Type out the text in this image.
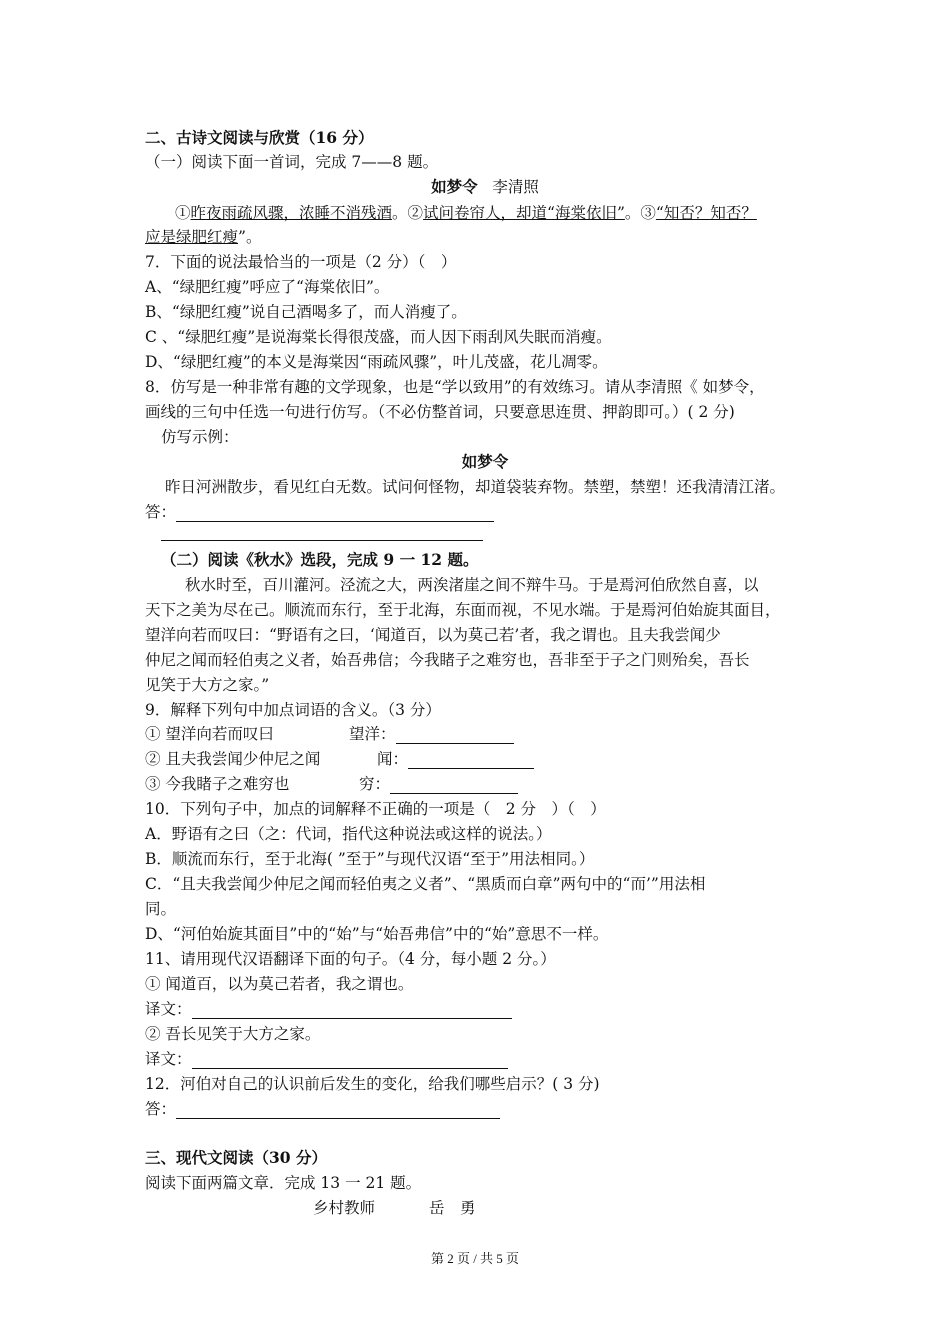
二、古诗文阅读与欣赏（16 分）
（一）阅读下面一首词，完成 7——8 题。
如梦令 李清照
①昨夜雨疏风骤，浓睡不消残酒。②试问卷帘人，却道“海棠依旧”。③“知否？知否？
应是绿肥红瘦”。
7．下面的说法最恰当的一项是（2 分）（　）
A、“绿肥红瘦”呼应了“海棠依旧”。
B、“绿肥红瘦”说自己酒喝多了，而人消瘦了。
C 、“绿肥红瘦”是说海棠长得很茂盛，而人因下雨刮风失眠而消瘦。
D、“绿肥红瘦”的本义是海棠因“雨疏风骤”，叶儿茂盛，花儿凋零。
8．仿写是一种非常有趣的文学现象，也是“学以致用”的有效练习。请从李清照《 如梦令，
画线的三句中任选一句进行仿写。（不必仿整首词，只要意思连贯、押韵即可。）( 2 分)
仿写示例：
如梦令
昨日河洲散步，看见红白无数。试问何怪物，却道袋装弃物。禁塑，禁塑！还我清清江渚。
答：
（二）阅读《秋水》选段，完成 9 一 12 题。
秋水时至，百川灌河。泾流之大，两涘渚崖之间不辩牛马。于是焉河伯欣然自喜，以
天下之美为尽在己。顺流而东行，至于北海，东面而视，不见水端。于是焉河伯始旋其面目，
望洋向若而叹曰：“野语有之曰，‘闻道百，以为莫己若’者，我之谓也。且夫我尝闻少
仲尼之闻而轻伯夷之义者，始吾弗信；今我睹子之难穷也，吾非至于子之门则殆矣，吾长
见笑于大方之家。”
9．解释下列句中加点词语的含义。（3 分）
① 望洋向若而叹曰	望洋：
② 且夫我尝闻少仲尼之闻	闻：
③ 今我睹子之难穷也	穷：
10．下列句子中，加点的词解释不正确的一项是（　2 分　）（　）
A．野语有之曰（之：代词，指代这种说法或这样的说法。）
B．顺流而东行，至于北海( ”至于”与现代汉语“至于”用法相同。）
C．“且夫我尝闻少仲尼之闻而轻伯夷之义者”、“黑质而白章”两句中的“而’”用法相
同。
D、“河伯始旋其面目”中的“始”与“始吾弗信”中的“始”意思不一样。
11、请用现代汉语翻译下面的句子。（4 分，每小题 2 分。）
① 闻道百，以为莫己若者，我之谓也。
译文：
② 吾长见笑于大方之家。
译文：
12．河伯对自己的认识前后发生的变化，给我们哪些启示？( 3 分)
答：
三、现代文阅读（30 分）
阅读下面两篇文章．完成 13 一 21 题。
乡村教师	岳　勇
第 2 页 / 共 5 页
